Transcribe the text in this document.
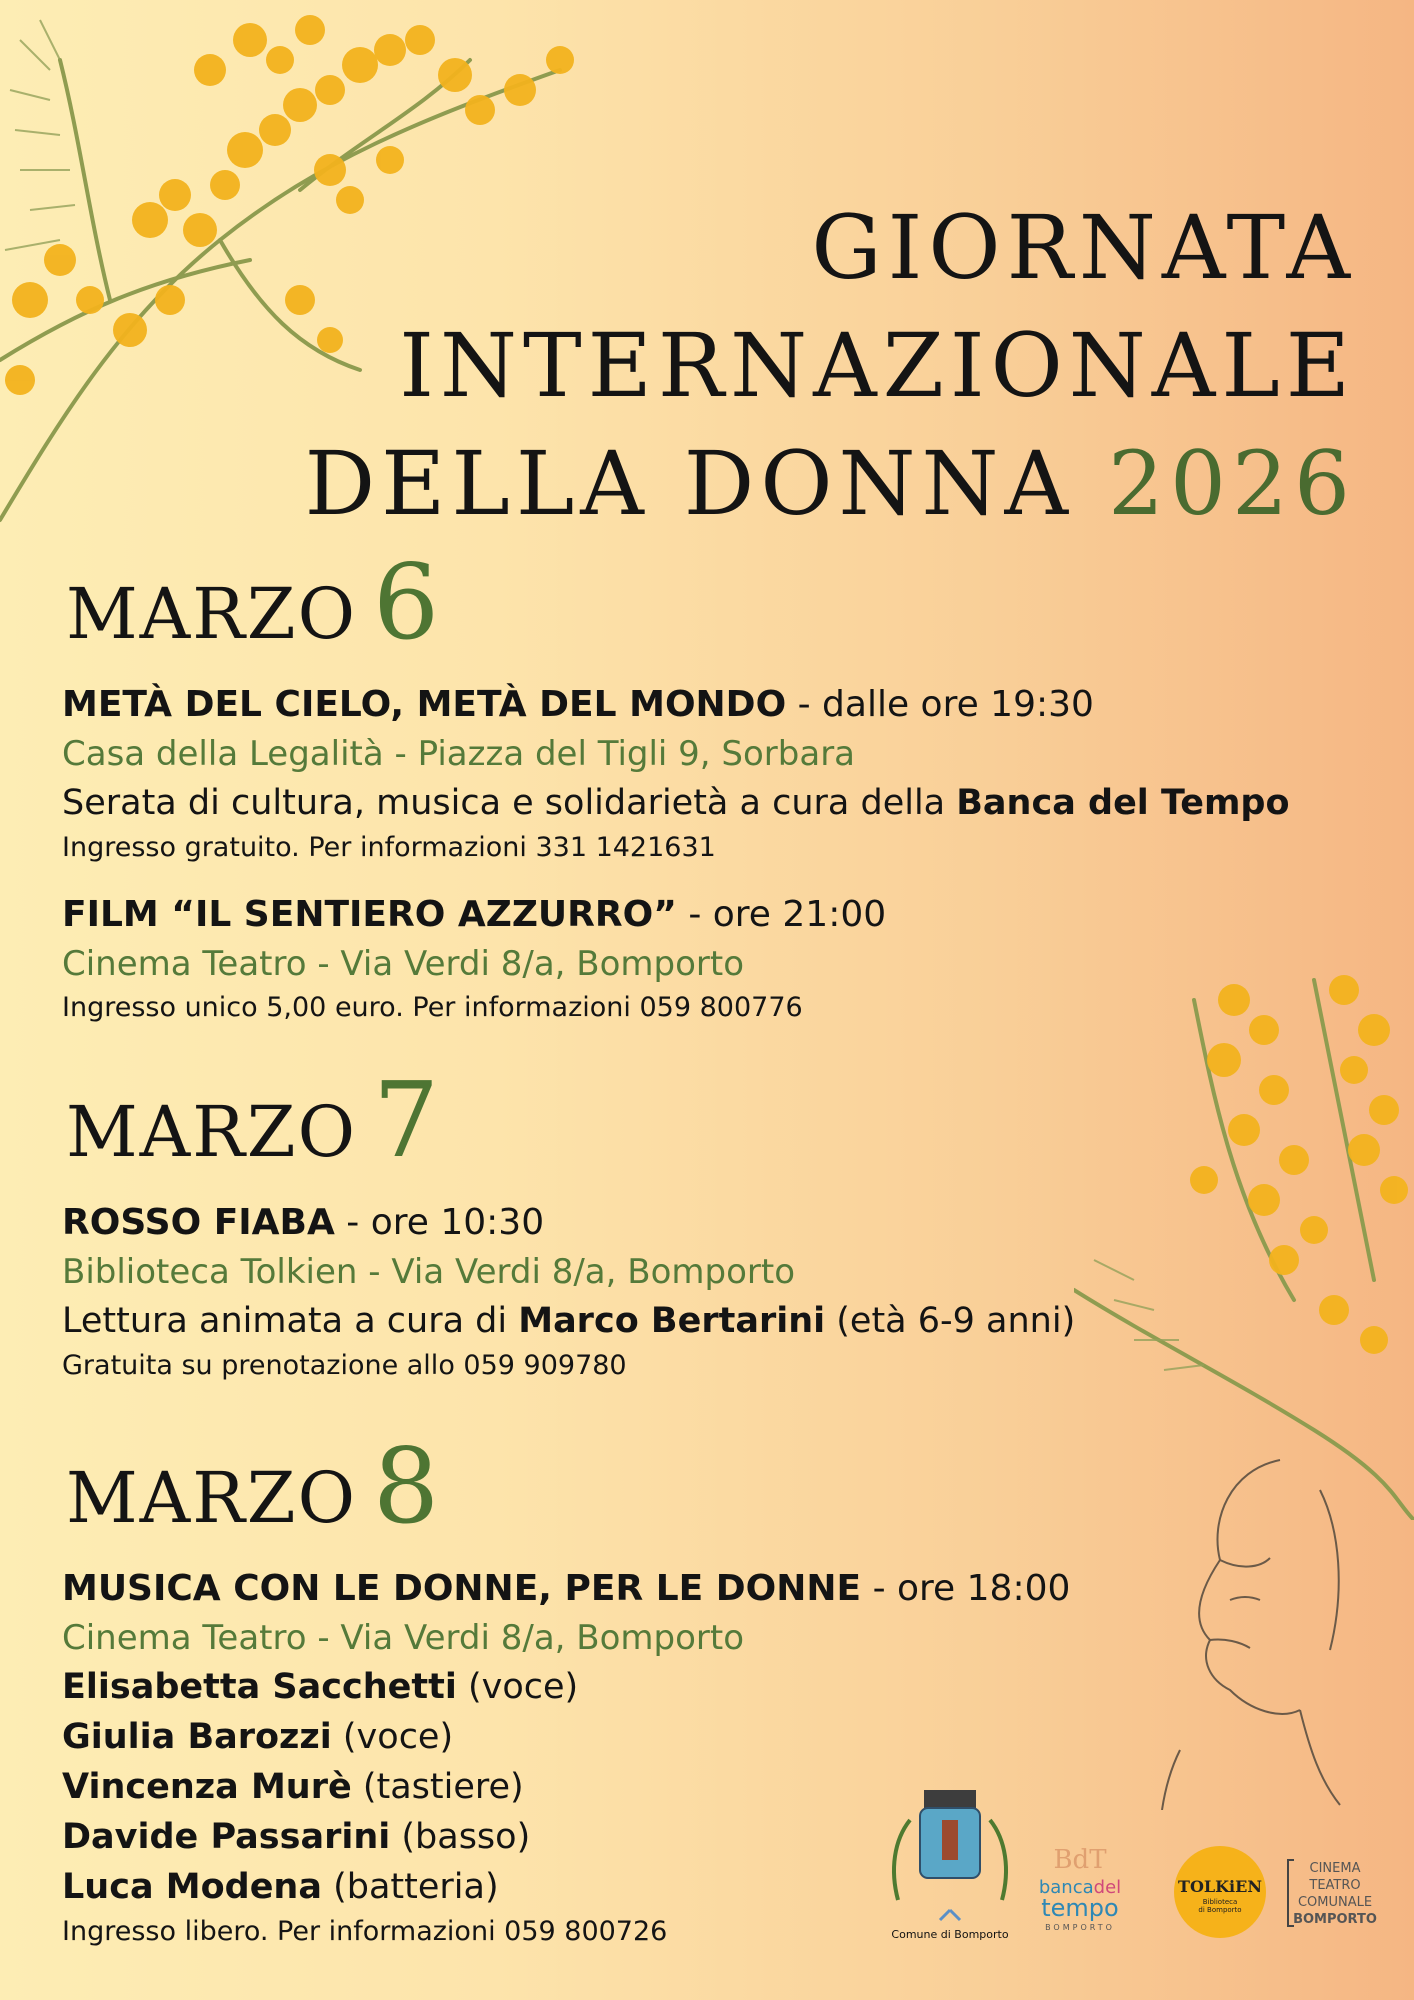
GIORNATA
INTERNAZIONALE
DELLA DONNA 2026
MARZO 6
METÀ DEL CIELO, METÀ DEL MONDO - dalle ore 19:30
Casa della Legalità - Piazza del Tigli 9, Sorbara
Serata di cultura, musica e solidarietà a cura della Banca del Tempo
Ingresso gratuito. Per informazioni 331 1421631
FILM “IL SENTIERO AZZURRO” - ore 21:00
Cinema Teatro - Via Verdi 8/a, Bomporto
Ingresso unico 5,00 euro. Per informazioni 059 800776
MARZO 7
ROSSO FIABA - ore 10:30
Biblioteca Tolkien - Via Verdi 8/a, Bomporto
Lettura animata a cura di Marco Bertarini (età 6-9 anni)
Gratuita su prenotazione allo 059 909780
MARZO 8
MUSICA CON LE DONNE, PER LE DONNE - ore 18:00
Cinema Teatro - Via Verdi 8/a, Bomporto
Elisabetta Sacchetti (voce)
Giulia Barozzi (voce)
Vincenza Murè (tastiere)
Davide Passarini (basso)
Luca Modena (batteria)
Ingresso libero. Per informazioni 059 800726	Comune di Bomporto
BdT
bancadel
tempo
BOMPORTO
TOLKiEN
Biblioteca
di Bomporto
CINEMA
TEATRO
COMUNALE
BOMPORTO
